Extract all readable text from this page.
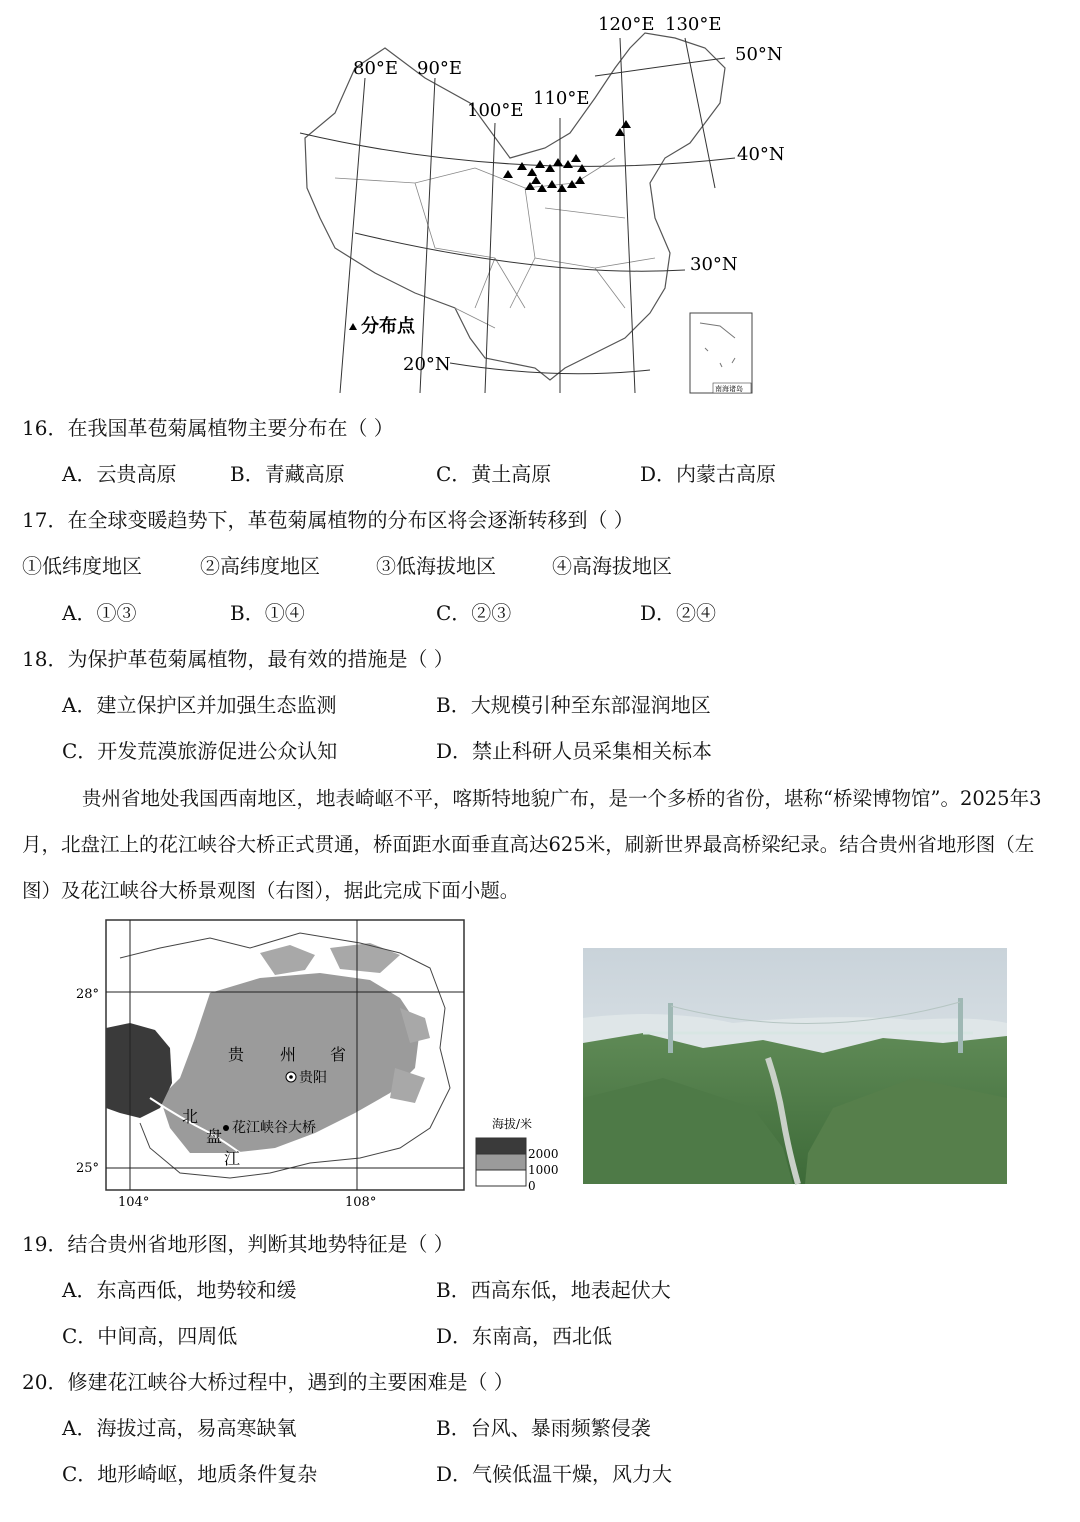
80°E 90°E
100°E
110°E
120°E 130°E
50°N
40°N
30°N
20°N
分布点
南海诸岛
16．在我国革苞菊属植物主要分布在（ ）
A．云贵高原	B．青藏高原	C．黄土高原	D．内蒙古高原
17．在全球变暖趋势下，革苞菊属植物的分布区将会逐渐转移到（ ）
①低纬度地区	②高纬度地区	③低海拔地区	④高海拔地区
A．①③	B．①④	C．②③	D．②④
18．为保护革苞菊属植物，最有效的措施是（ ）
A．建立保护区并加强生态监测	B．大规模引种至东部湿润地区
C．开发荒漠旅游促进公众认知	D．禁止科研人员采集相关标本
贵州省地处我国西南地区，地表崎岖不平，喀斯特地貌广布，是一个多桥的省份，堪称“桥梁博物馆”。2025年3月，北盘江上的花江峡谷大桥正式贯通，桥面距水面垂直高达625米，刷新世界最高桥梁纪录。结合贵州省地形图（左图）及花江峡谷大桥景观图（右图），据此完成下面小题。
28°
25°
104°	108°
贵 州 省
贵阳
花江峡谷大桥
北
盘
江
海拔/米
2000
1000
0
19．结合贵州省地形图，判断其地势特征是（ ）
A．东高西低，地势较和缓	B．西高东低，地表起伏大
C．中间高，四周低	D．东南高，西北低
20．修建花江峡谷大桥过程中，遇到的主要困难是（ ）
A．海拔过高，易高寒缺氧	B．台风、暴雨频繁侵袭
C．地形崎岖，地质条件复杂	D．气候低温干燥，风力大
